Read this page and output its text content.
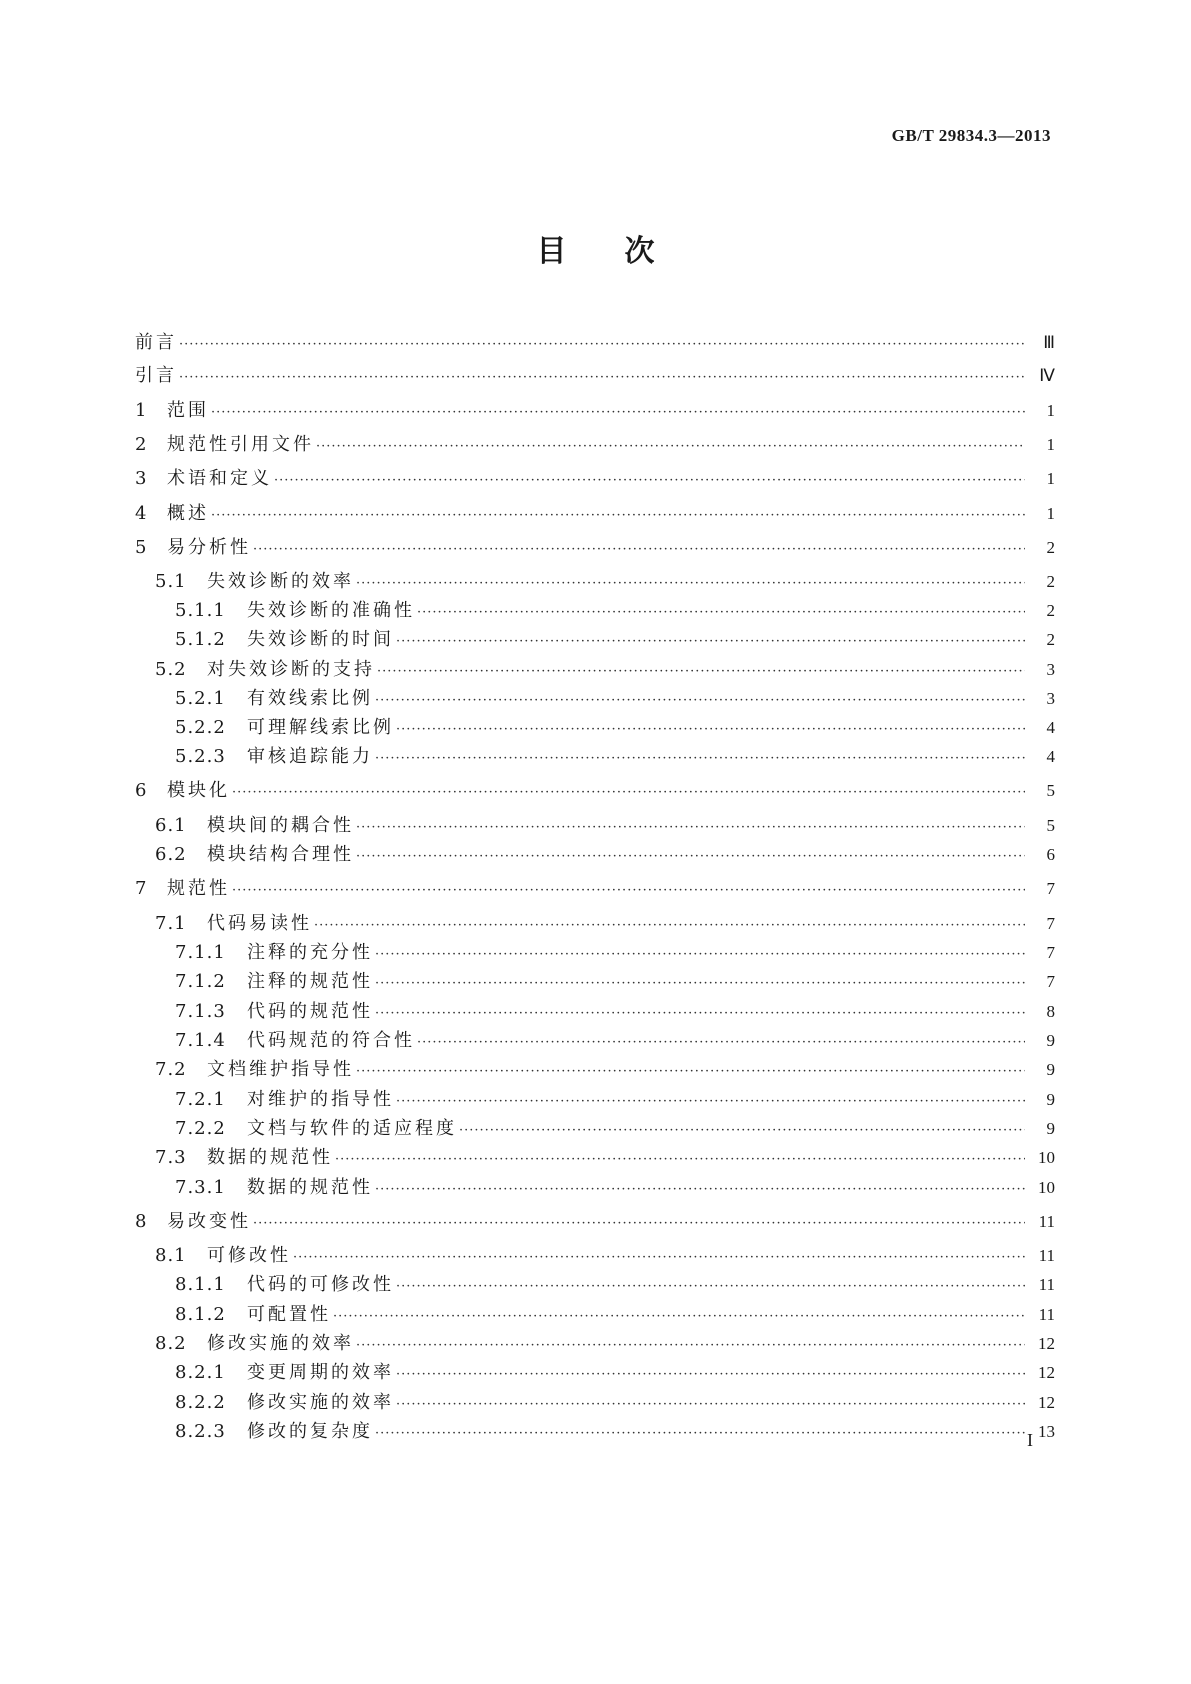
GB/T 29834.3—2013
目次
前言 ·····	Ⅲ
引言 ·····	Ⅳ
1	范围 ·····	1
2	规范性引用文件 ·····	1
3	术语和定义 ·····	1
4	概述 ·····	1
5	易分析性 ·····	2
5.1	失效诊断的效率 ·····	2
5.1.1	失效诊断的准确性 ·····	2
5.1.2	失效诊断的时间 ·····	2
5.2	对失效诊断的支持 ·····	3
5.2.1	有效线索比例 ·····	3
5.2.2	可理解线索比例 ·····	4
5.2.3	审核追踪能力 ·····	4
6	模块化 ·····	5
6.1	模块间的耦合性 ·····	5
6.2	模块结构合理性 ·····	6
7	规范性 ·····	7
7.1	代码易读性 ·····	7
7.1.1	注释的充分性 ·····	7
7.1.2	注释的规范性 ·····	7
7.1.3	代码的规范性 ·····	8
7.1.4	代码规范的符合性 ·····	9
7.2	文档维护指导性 ·····	9
7.2.1	对维护的指导性 ·····	9
7.2.2	文档与软件的适应程度 ·····	9
7.3	数据的规范性 ·····	10
7.3.1	数据的规范性 ·····	10
8	易改变性 ·····	11
8.1	可修改性 ·····	11
8.1.1	代码的可修改性 ·····	11
8.1.2	可配置性 ·····	11
8.2	修改实施的效率 ·····	12
8.2.1	变更周期的效率 ·····	12
8.2.2	修改实施的效率 ·····	12
8.2.3	修改的复杂度 ·····	13
I
